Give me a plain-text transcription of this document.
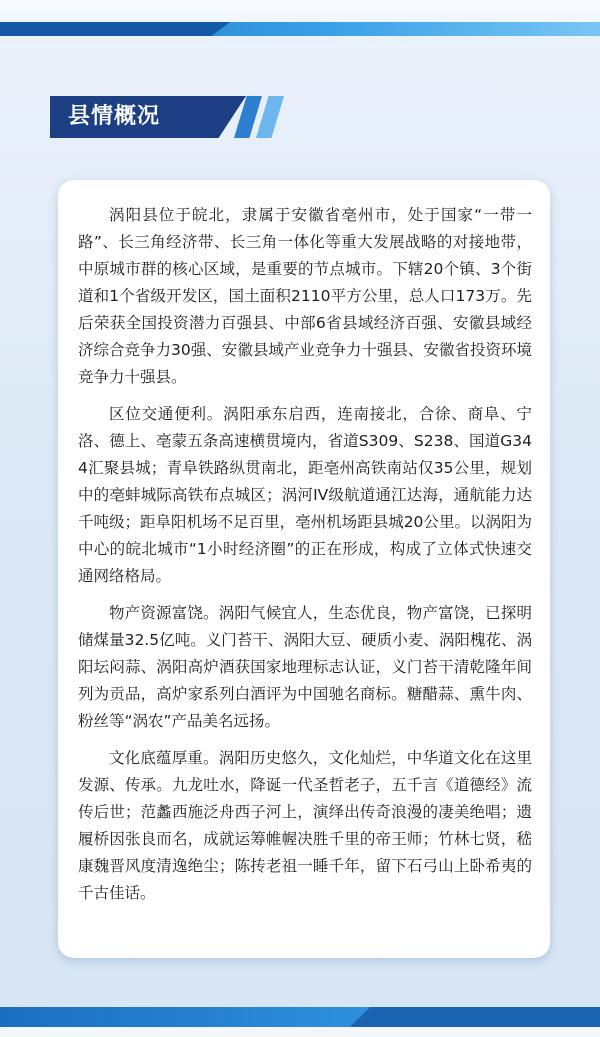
县情概况

涡阳县位于皖北，隶属于安徽省亳州市，处于国家“一带一路”、长三角经济带、长三角一体化等重大发展战略的对接地带，中原城市群的核心区域，是重要的节点城市。下辖20个镇、3个街道和1个省级开发区，国土面积2110平方公里，总人口173万。先后荣获全国投资潜力百强县、中部6省县域经济百强、安徽县域经济综合竞争力30强、安徽县域产业竞争力十强县、安徽省投资环境竞争力十强县。

区位交通便利。涡阳承东启西，连南接北，合徐、商阜、宁洛、德上、亳蒙五条高速横贯境内，省道S309、S238、国道G344汇聚县城；青阜铁路纵贯南北，距亳州高铁南站仅35公里，规划中的亳蚌城际高铁布点城区；涡河IV级航道通江达海，通航能力达千吨级；距阜阳机场不足百里，亳州机场距县城20公里。以涡阳为中心的皖北城市“1小时经济圈”的正在形成，构成了立体式快速交通网络格局。

物产资源富饶。涡阳气候宜人，生态优良，物产富饶，已探明储煤量32.5亿吨。义门苔干、涡阳大豆、硬质小麦、涡阳槐花、涡阳坛闷蒜、涡阳高炉酒获国家地理标志认证，义门苔干清乾隆年间列为贡品，高炉家系列白酒评为中国驰名商标。糖醋蒜、熏牛肉、粉丝等“涡农”产品美名远扬。

文化底蕴厚重。涡阳历史悠久，文化灿烂，中华道文化在这里发源、传承。九龙吐水，降诞一代圣哲老子，五千言《道德经》流传后世；范蠡西施泛舟西子河上，演绎出传奇浪漫的凄美绝唱；遗履桥因张良而名，成就运筹帷幄决胜千里的帝王师；竹林七贤，嵇康魏晋风度清逸绝尘；陈抟老祖一睡千年，留下石弓山上卧希夷的千古佳话。
